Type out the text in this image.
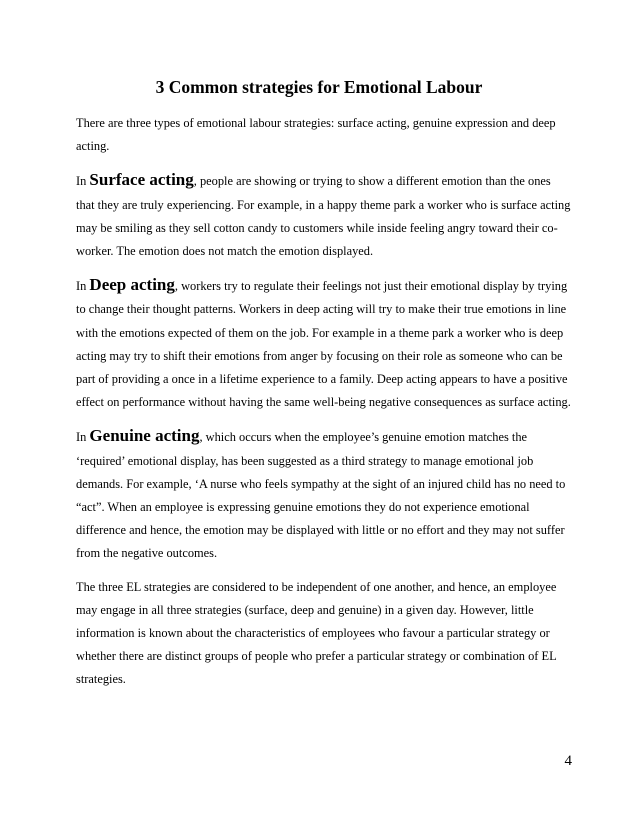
3 Common strategies for Emotional Labour

There are three types of emotional labour strategies: surface acting, genuine expression and deep acting.

In Surface acting, people are showing or trying to show a different emotion than the ones that they are truly experiencing. For example, in a happy theme park a worker who is surface acting may be smiling as they sell cotton candy to customers while inside feeling angry toward their co-worker. The emotion does not match the emotion displayed.

In Deep acting, workers try to regulate their feelings not just their emotional display by trying to change their thought patterns. Workers in deep acting will try to make their true emotions in line with the emotions expected of them on the job. For example in a theme park a worker who is deep acting may try to shift their emotions from anger by focusing on their role as someone who can be part of providing a once in a lifetime experience to a family. Deep acting appears to have a positive effect on performance without having the same well-being negative consequences as surface acting.

In Genuine acting, which occurs when the employee’s genuine emotion matches the ‘required’ emotional display, has been suggested as a third strategy to manage emotional job demands. For example, ‘A nurse who feels sympathy at the sight of an injured child has no need to “act”. When an employee is expressing genuine emotions they do not experience emotional difference and hence, the emotion may be displayed with little or no effort and they may not suffer from the negative outcomes.

The three EL strategies are considered to be independent of one another, and hence, an employee may engage in all three strategies (surface, deep and genuine) in a given day. However, little information is known about the characteristics of employees who favour a particular strategy or whether there are distinct groups of people who prefer a particular strategy or combination of EL strategies.

4
